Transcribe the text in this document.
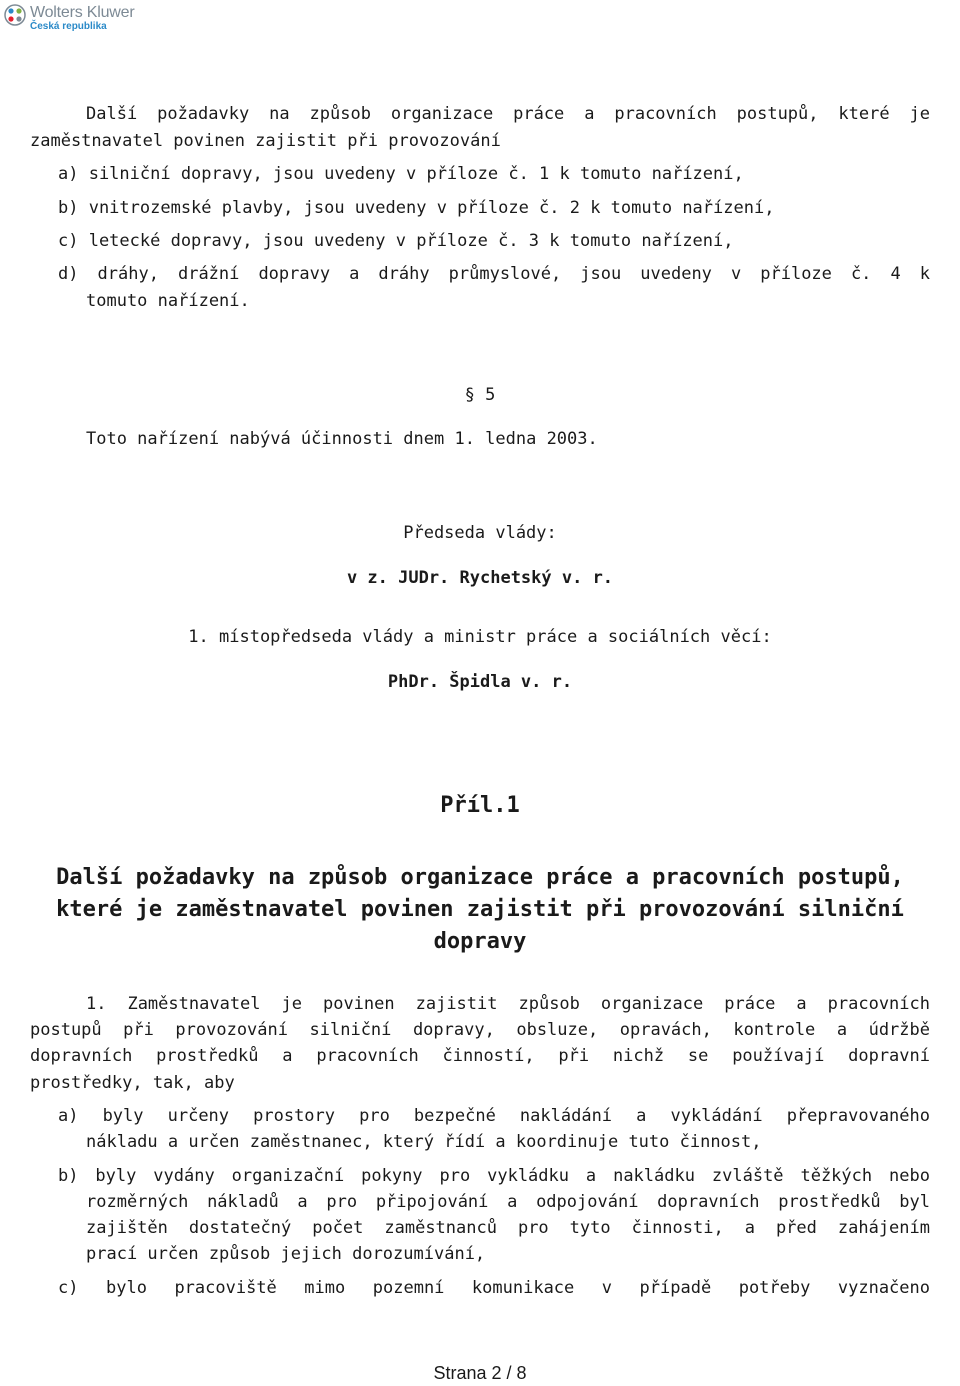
Wolters Kluwer
Česká republika
Další požadavky na způsob organizace práce a pracovních postupů, které je
zaměstnavatel povinen zajistit při provozování
a) silniční dopravy, jsou uvedeny v příloze č. 1 k tomuto nařízení,
b) vnitrozemské plavby, jsou uvedeny v příloze č. 2 k tomuto nařízení,
c) letecké dopravy, jsou uvedeny v příloze č. 3 k tomuto nařízení,
d) dráhy, drážní dopravy a dráhy průmyslové, jsou uvedeny v příloze č. 4 k
tomuto nařízení.
§ 5
Toto nařízení nabývá účinnosti dnem 1. ledna 2003.
Předseda vlády:
v z. JUDr. Rychetský v. r.
1. místopředseda vlády a ministr práce a sociálních věcí:
PhDr. Špidla v. r.
Příl.1
Další požadavky na způsob organizace práce a pracovních postupů,
které je zaměstnavatel povinen zajistit při provozování silniční
dopravy
1. Zaměstnavatel je povinen zajistit způsob organizace práce a pracovních
postupů při provozování silniční dopravy, obsluze, opravách, kontrole a údržbě
dopravních prostředků a pracovních činností, při nichž se používají dopravní
prostředky, tak, aby
a) byly určeny prostory pro bezpečné nakládání a vykládání přepravovaného
nákladu a určen zaměstnanec, který řídí a koordinuje tuto činnost,
b) byly vydány organizační pokyny pro vykládku a nakládku zvláště těžkých nebo
rozměrných nákladů a pro připojování a odpojování dopravních prostředků byl
zajištěn dostatečný počet zaměstnanců pro tyto činnosti, a před zahájením
prací určen způsob jejich dorozumívání,
c) bylo pracoviště mimo pozemní komunikace v případě potřeby vyznačeno
Strana 2 / 8
